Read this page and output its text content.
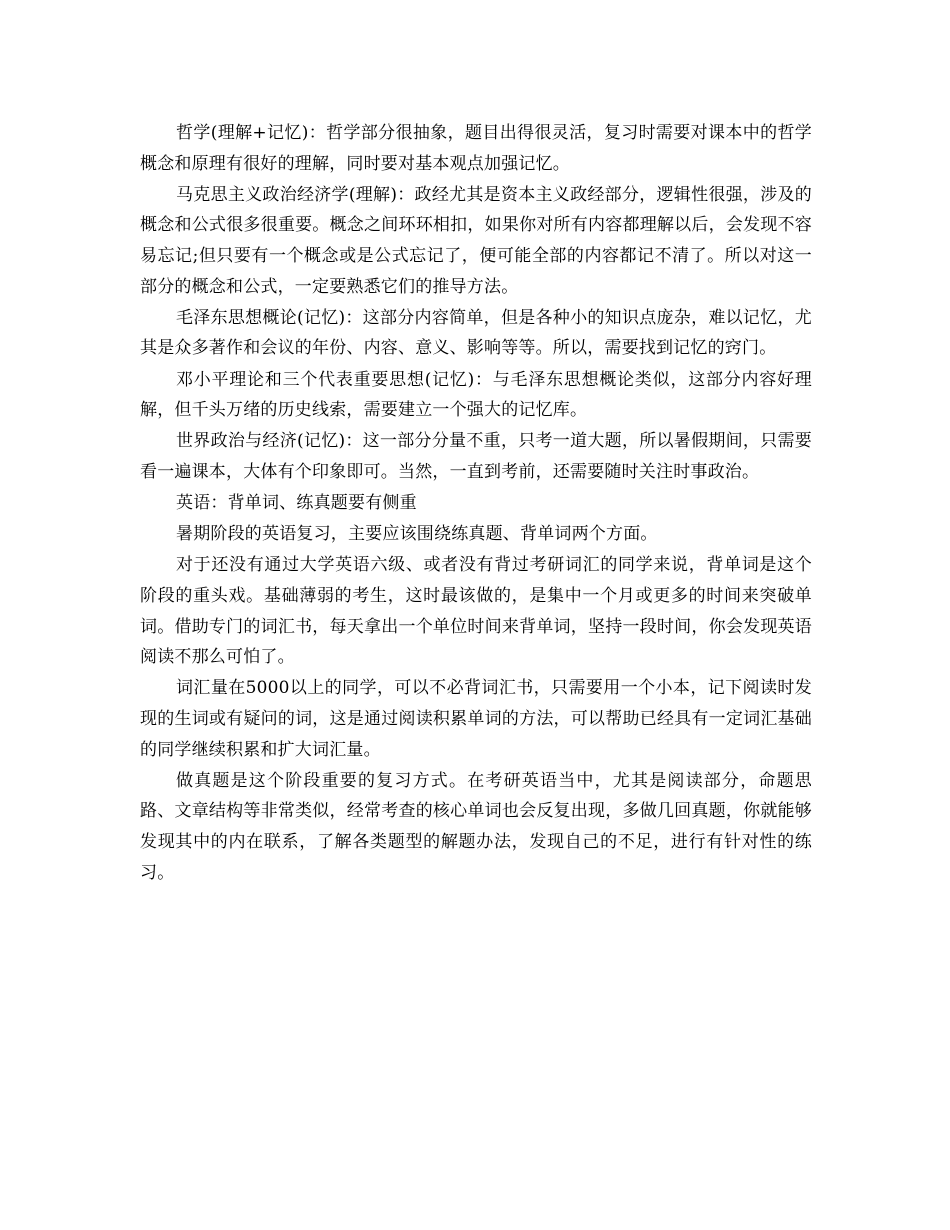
哲学(理解+记忆)：哲学部分很抽象，题目出得很灵活，复习时需要对课本中的哲学概念和原理有很好的理解，同时要对基本观点加强记忆。

马克思主义政治经济学(理解)：政经尤其是资本主义政经部分，逻辑性很强，涉及的概念和公式很多很重要。概念之间环环相扣，如果你对所有内容都理解以后，会发现不容易忘记;但只要有一个概念或是公式忘记了，便可能全部的内容都记不清了。所以对这一部分的概念和公式，一定要熟悉它们的推导方法。

毛泽东思想概论(记忆)：这部分内容简单，但是各种小的知识点庞杂，难以记忆，尤其是众多著作和会议的年份、内容、意义、影响等等。所以，需要找到记忆的窍门。

邓小平理论和三个代表重要思想(记忆)：与毛泽东思想概论类似，这部分内容好理解，但千头万绪的历史线索，需要建立一个强大的记忆库。

世界政治与经济(记忆)：这一部分分量不重，只考一道大题，所以暑假期间，只需要看一遍课本，大体有个印象即可。当然，一直到考前，还需要随时关注时事政治。

英语：背单词、练真题要有侧重

暑期阶段的英语复习，主要应该围绕练真题、背单词两个方面。

对于还没有通过大学英语六级、或者没有背过考研词汇的同学来说，背单词是这个阶段的重头戏。基础薄弱的考生，这时最该做的，是集中一个月或更多的时间来突破单词。借助专门的词汇书，每天拿出一个单位时间来背单词，坚持一段时间，你会发现英语阅读不那么可怕了。

词汇量在5000以上的同学，可以不必背词汇书，只需要用一个小本，记下阅读时发现的生词或有疑问的词，这是通过阅读积累单词的方法，可以帮助已经具有一定词汇基础的同学继续积累和扩大词汇量。

做真题是这个阶段重要的复习方式。在考研英语当中，尤其是阅读部分，命题思路、文章结构等非常类似，经常考查的核心单词也会反复出现，多做几回真题，你就能够发现其中的内在联系，了解各类题型的解题办法，发现自己的不足，进行有针对性的练习。
